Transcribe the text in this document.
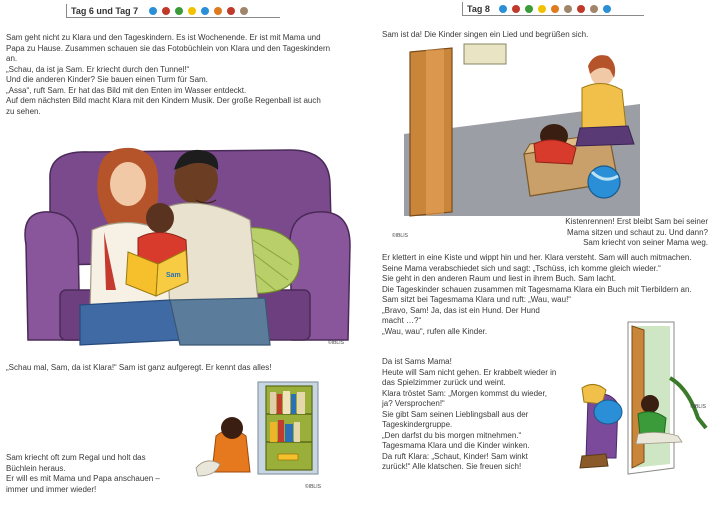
Tag 6 und Tag 7
Sam geht nicht zu Klara und den Tageskindern. Es ist Wochenende. Er ist mit Mama und
Papa zu Hause. Zusammen schauen sie das Fotobüchlein von Klara und den Tageskindern
an.
„Schau, da ist ja Sam. Er kriecht durch den Tunnel!“
Und die anderen Kinder? Sie bauen einen Turm für Sam.
„Assa“, ruft Sam. Er hat das Bild mit den Enten im Wasser entdeckt.
Auf dem nächsten Bild macht Klara mit den Kindern Musik. Der große Regenball ist auch
zu sehen.
Sam
©IBLIS
„Schau mal, Sam, da ist Klara!“ Sam ist ganz aufgeregt. Er kennt das alles!
©IBLIS
Sam kriecht oft zum Regal und holt das
Büchlein heraus.
Er will es mit Mama und Papa anschauen –
immer und immer wieder!
Tag 8
Sam ist da! Die Kinder singen ein Lied und begrüßen sich.
©IBLIS
Kistenrennen! Erst bleibt Sam bei seiner
Mama sitzen und schaut zu. Und dann?
Sam kriecht von seiner Mama weg.
Er klettert in eine Kiste und wippt hin und her. Klara versteht. Sam will auch mitmachen.
Seine Mama verabschiedet sich und sagt: „Tschüss, ich komme gleich wieder.“
Sie geht in den anderen Raum und liest in ihrem Buch. Sam lacht.
Die Tageskinder schauen zusammen mit Tagesmama Klara ein Buch mit Tierbildern an.
Sam sitzt bei Tagesmama Klara und ruft: „Wau, wau!“
„Bravo, Sam! Ja, das ist ein Hund. Der Hund
macht …?“
„Wau, wau“, rufen alle Kinder.
Da ist Sams Mama!
Heute will Sam nicht gehen. Er krabbelt wieder in
das Spielzimmer zurück und weint.
Klara tröstet Sam: „Morgen kommst du wieder,
ja? Versprochen!“
Sie gibt Sam seinen Lieblingsball aus der
Tageskindergruppe.
„Den darfst du bis morgen mitnehmen.“
Tagesmama Klara und die Kinder winken.
Da ruft Klara: „Schaut, Kinder! Sam winkt
zurück!“ Alle klatschen. Sie freuen sich!
©IBLIS
